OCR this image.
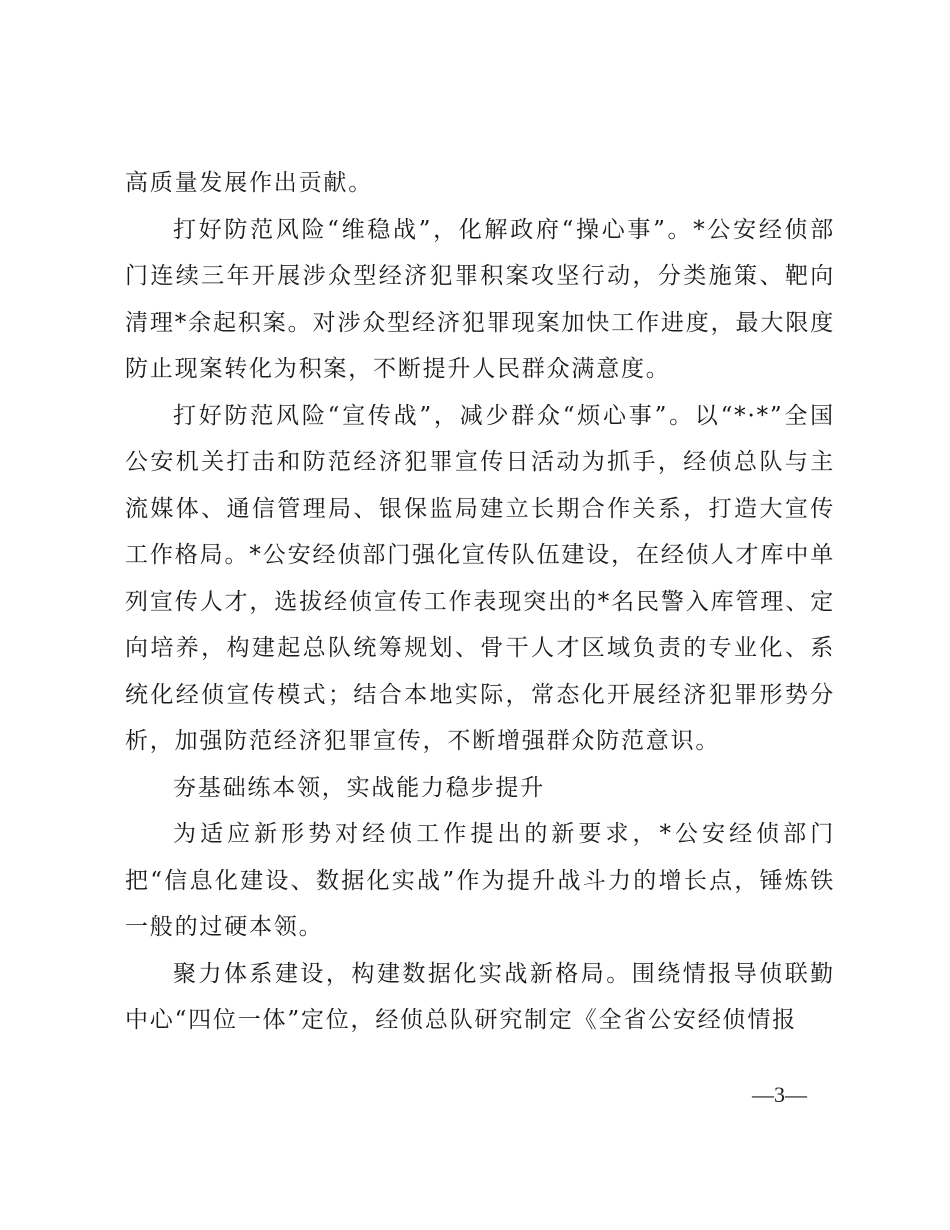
高质量发展作出贡献。

打好防范风险“维稳战”，化解政府“操心事”。*公安经侦部门连续三年开展涉众型经济犯罪积案攻坚行动，分类施策、靶向清理*余起积案。对涉众型经济犯罪现案加快工作进度，最大限度防止现案转化为积案，不断提升人民群众满意度。

打好防范风险“宣传战”，减少群众“烦心事”。以“*·*”全国公安机关打击和防范经济犯罪宣传日活动为抓手，经侦总队与主流媒体、通信管理局、银保监局建立长期合作关系，打造大宣传工作格局。*公安经侦部门强化宣传队伍建设，在经侦人才库中单列宣传人才，选拔经侦宣传工作表现突出的*名民警入库管理、定向培养，构建起总队统筹规划、骨干人才区域负责的专业化、系统化经侦宣传模式；结合本地实际，常态化开展经济犯罪形势分析，加强防范经济犯罪宣传，不断增强群众防范意识。

夯基础练本领，实战能力稳步提升

为适应新形势对经侦工作提出的新要求，*公安经侦部门把“信息化建设、数据化实战”作为提升战斗力的增长点，锤炼铁一般的过硬本领。

聚力体系建设，构建数据化实战新格局。围绕情报导侦联勤中心“四位一体”定位，经侦总队研究制定《全省公安经侦情报

—3—
